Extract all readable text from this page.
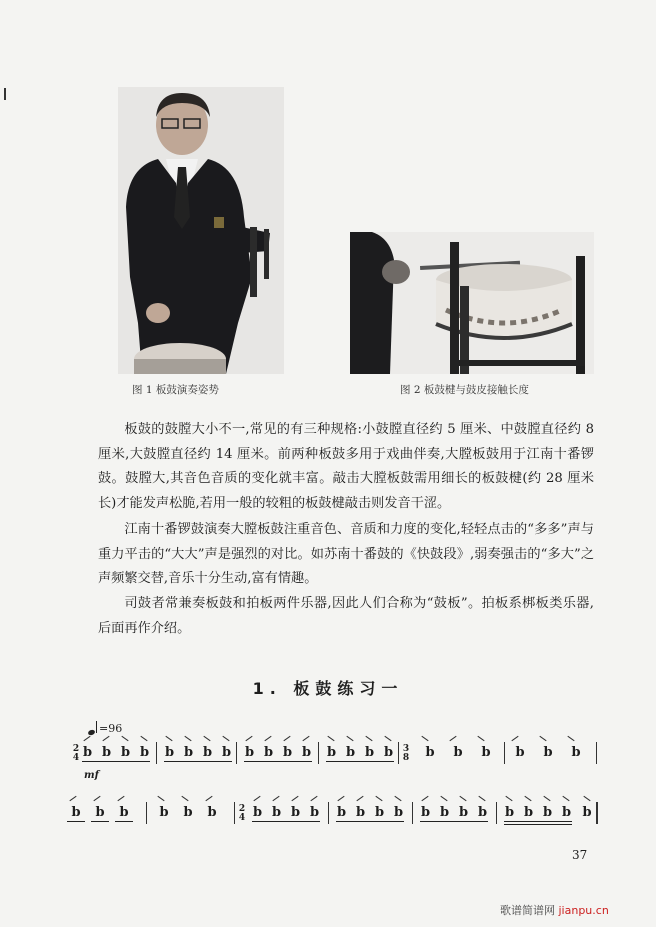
图 1 板鼓演奏姿势	图 2 板鼓楗与鼓皮接触长度

板鼓的鼓膛大小不一,常见的有三种规格:小鼓膛直径约 5 厘米、中鼓膛直径约 8 厘米,大鼓膛直径约 14 厘米。前两种板鼓多用于戏曲伴奏,大膛板鼓用于江南十番锣鼓。鼓膛大,其音色音质的变化就丰富。敲击大膛板鼓需用细长的板鼓楗(约 28 厘米长)才能发声松脆,若用一般的较粗的板鼓楗敲击则发音干涩。

江南十番锣鼓演奏大膛板鼓注重音色、音质和力度的变化,轻轻点击的“多多”声与重力平击的“大大”声是强烈的对比。如苏南十番鼓的《快鼓段》,弱奏强击的“多大”之声频繁交替,音乐十分生动,富有情趣。

司鼓者常兼奏板鼓和拍板两件乐器,因此人们合称为“鼓板”。拍板系梆板类乐器,后面再作介绍。

1. 板鼓练习一
=96
2
4
mf
b b b b	b b b b	b b b b	b b b b	3
8	b	b	b	b	b	b
b	b	b	b	b	b	2
4 b b b b	b b b b	b b b b	b b b b b
37
歌谱简谱网 jianpu.cn
